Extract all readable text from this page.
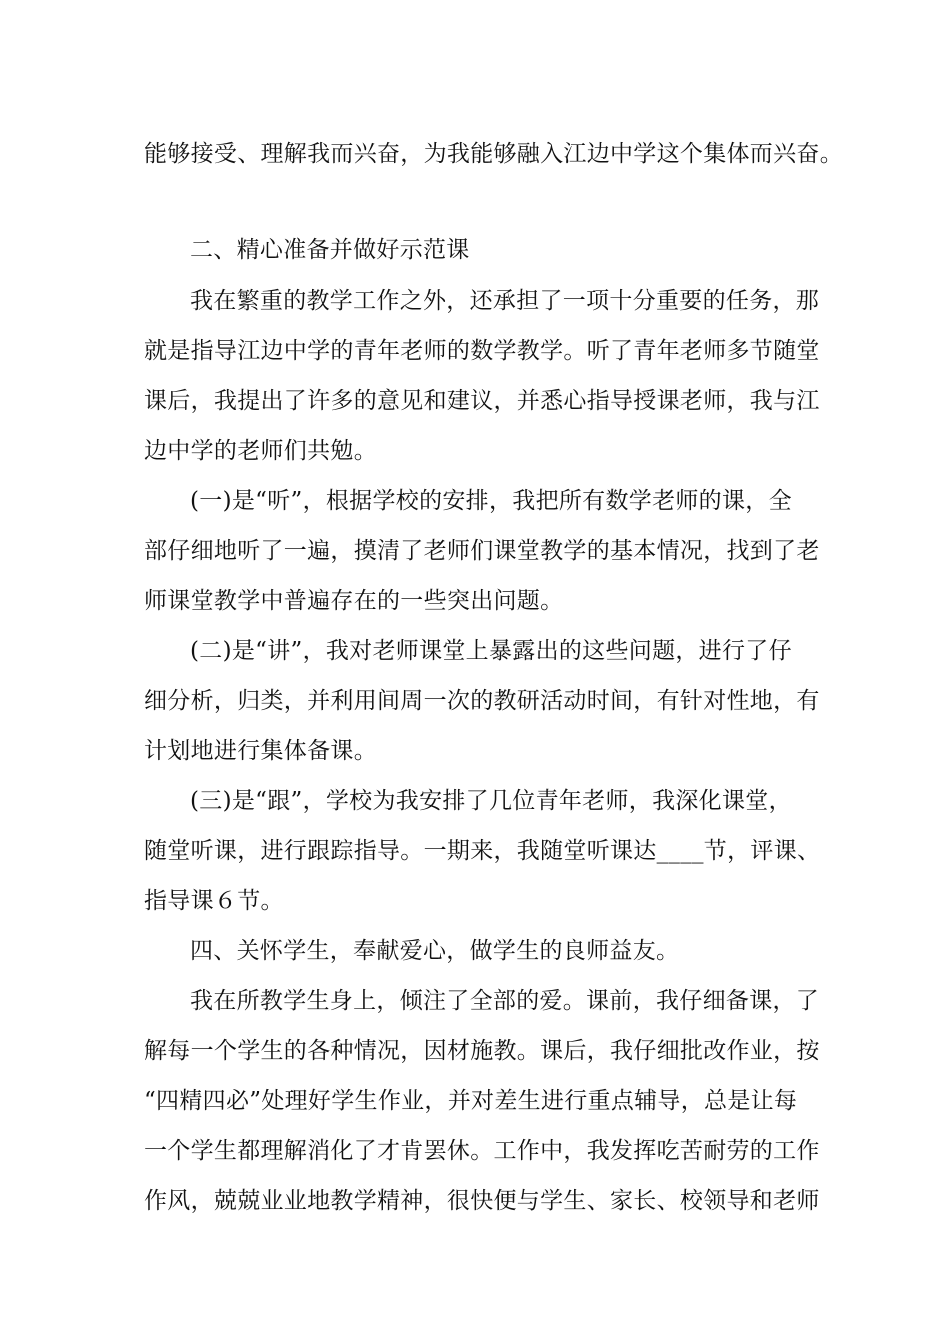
能够接受、理解我而兴奋，为我能够融入江边中学这个集体而兴奋。
二、精心准备并做好示范课
我在繁重的教学工作之外，还承担了一项十分重要的任务，那
就是指导江边中学的青年老师的数学教学。听了青年老师多节随堂
课后，我提出了许多的意见和建议，并悉心指导授课老师，我与江
边中学的老师们共勉。
(一)是“听”，根据学校的安排，我把所有数学老师的课，全
部仔细地听了一遍，摸清了老师们课堂教学的基本情况，找到了老
师课堂教学中普遍存在的一些突出问题。
(二)是“讲”，我对老师课堂上暴露出的这些问题，进行了仔
细分析，归类，并利用间周一次的教研活动时间，有针对性地，有
计划地进行集体备课。
(三)是“跟”，学校为我安排了几位青年老师，我深化课堂，
随堂听课，进行跟踪指导。一期来，我随堂听课达____节，评课、
指导课６节。
四、关怀学生，奉献爱心，做学生的良师益友。
我在所教学生身上，倾注了全部的爱。课前，我仔细备课，了
解每一个学生的各种情况，因材施教。课后，我仔细批改作业，按
“四精四必”处理好学生作业，并对差生进行重点辅导，总是让每
一个学生都理解消化了才肯罢休。工作中，我发挥吃苦耐劳的工作
作风，兢兢业业地教学精神，很快便与学生、家长、校领导和老师
